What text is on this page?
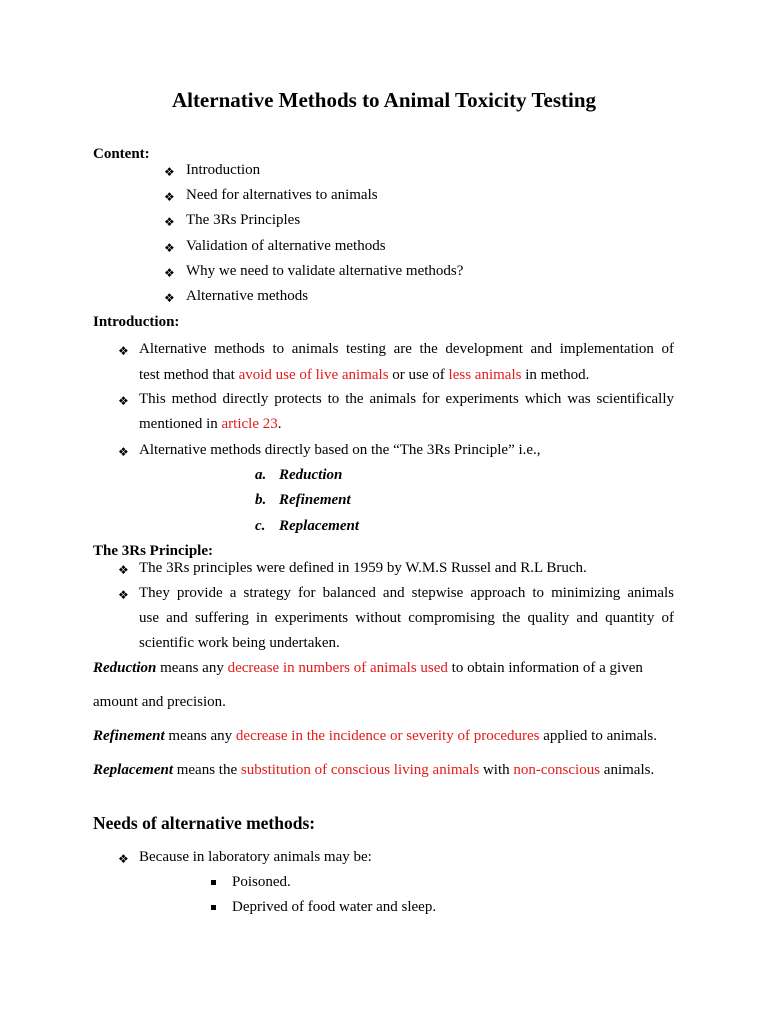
Alternative Methods to Animal Toxicity Testing
Content:
❖ Introduction
❖ Need for alternatives to animals
❖ The 3Rs Principles
❖ Validation of alternative methods
❖ Why we need to validate alternative methods?
❖ Alternative methods
Introduction:
❖ Alternative methods to animals testing are the development and implementation of
test method that avoid use of live animals or use of less animals in method.
❖ This method directly protects to the animals for experiments which was scientifically
mentioned in article 23.
❖ Alternative methods directly based on the “The 3Rs Principle” i.e.,
a. Reduction
b. Refinement
c. Replacement
The 3Rs Principle:
❖ The 3Rs principles were defined in 1959 by W.M.S Russel and R.L Bruch.
❖ They provide a strategy for balanced and stepwise approach to minimizing animals
use and suffering in experiments without compromising the quality and quantity of
scientific work being undertaken.
Reduction means any decrease in numbers of animals used to obtain information of a given
amount and precision.
Refinement means any decrease in the incidence or severity of procedures applied to animals.
Replacement means the substitution of conscious living animals with non-conscious animals.
Needs of alternative methods:
❖ Because in laboratory animals may be:
Poisoned.
Deprived of food water and sleep.
